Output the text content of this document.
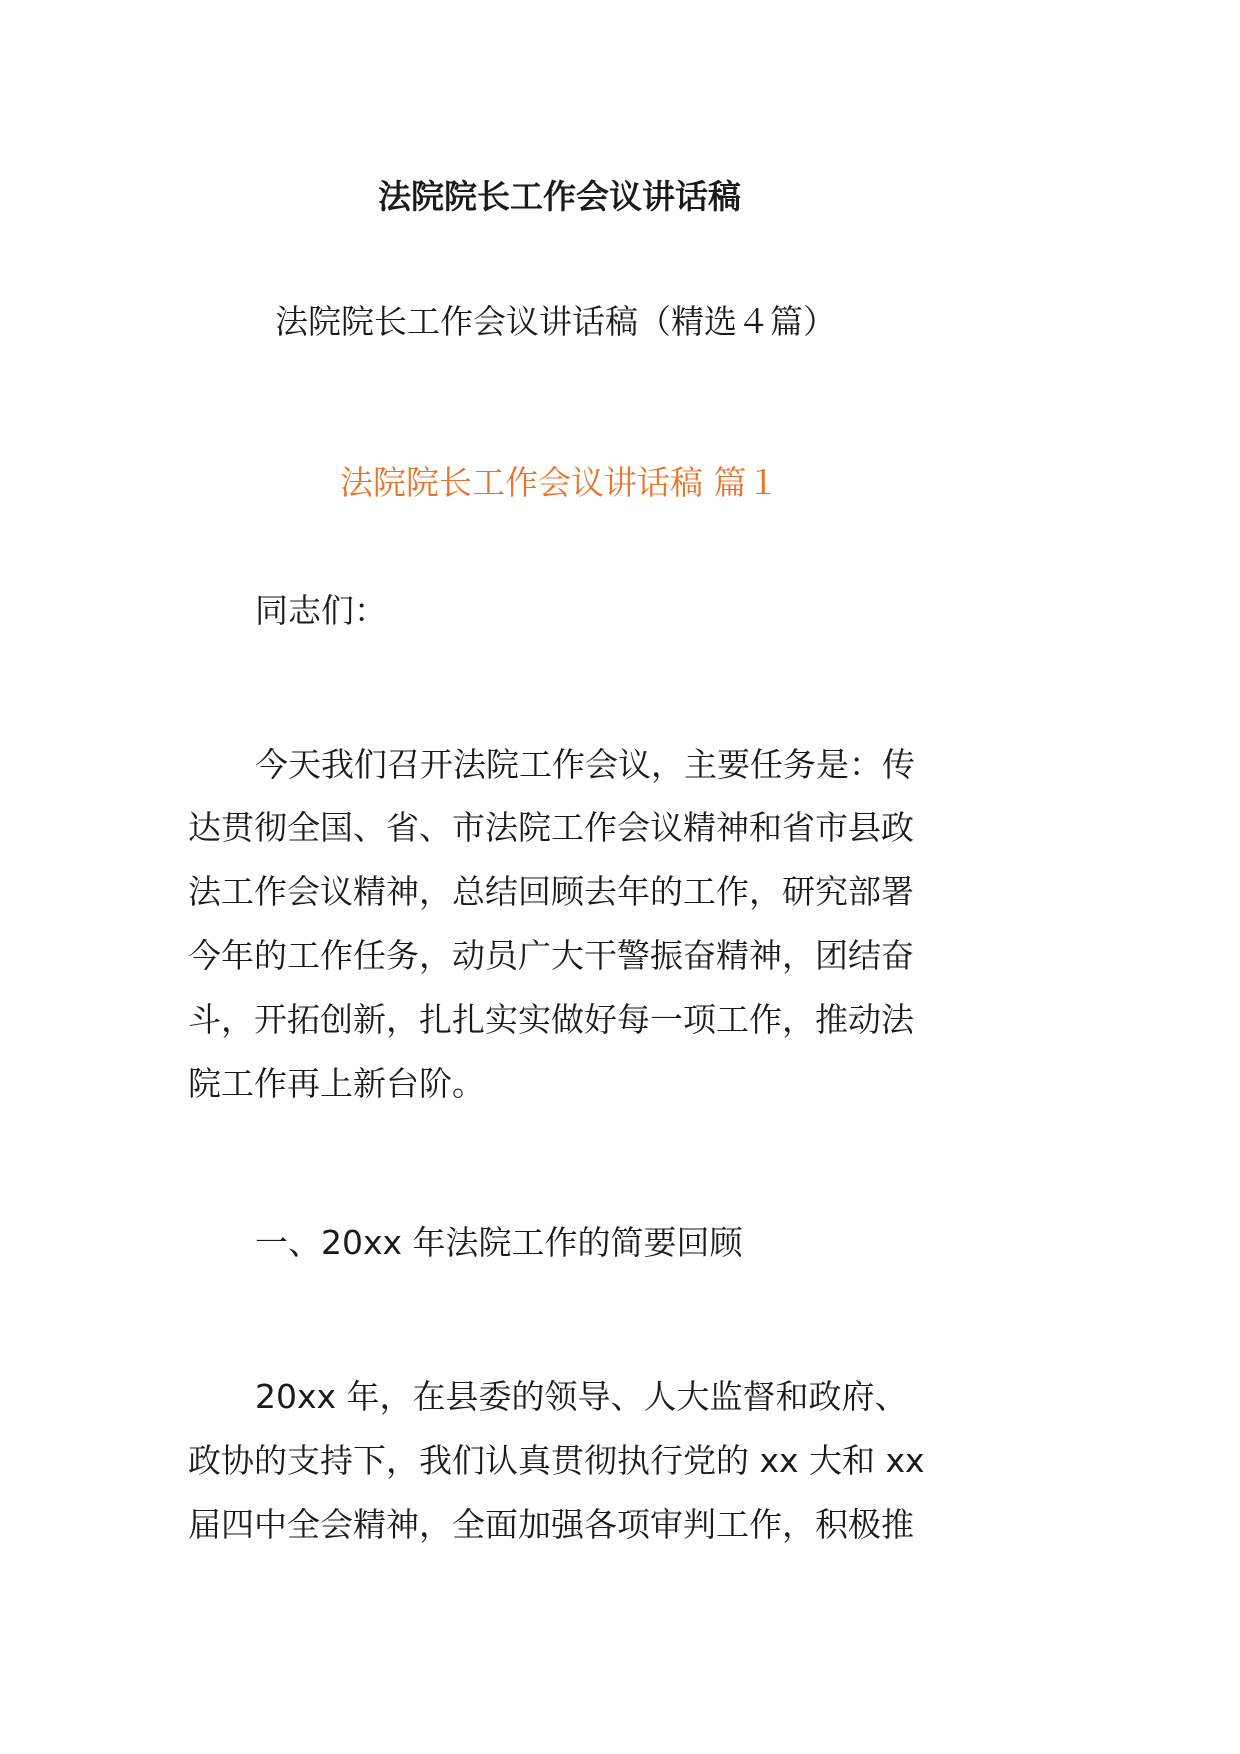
法院院长工作会议讲话稿
法院院长工作会议讲话稿（精选４篇）
法院院长工作会议讲话稿 篇１
同志们：
今天我们召开法院工作会议，主要任务是：传
达贯彻全国、省、市法院工作会议精神和省市县政
法工作会议精神，总结回顾去年的工作，研究部署
今年的工作任务，动员广大干警振奋精神，团结奋
斗，开拓创新，扎扎实实做好每一项工作，推动法
院工作再上新台阶。
一、20xx 年法院工作的简要回顾
20xx 年，在县委的领导、人大监督和政府、
政协的支持下，我们认真贯彻执行党的 xx 大和 xx
届四中全会精神，全面加强各项审判工作，积极推
